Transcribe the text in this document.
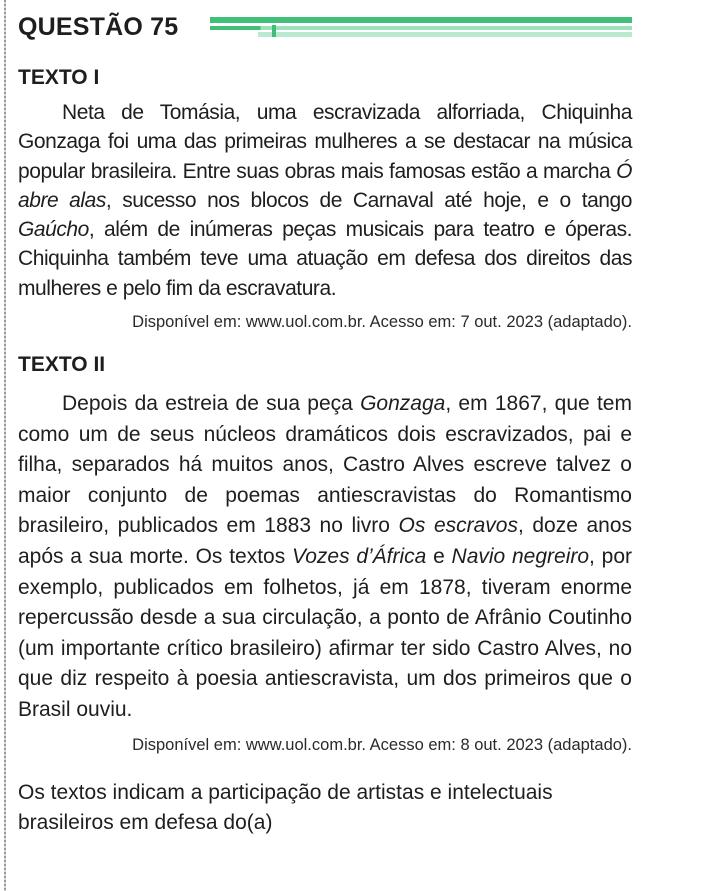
QUESTÃO 75
TEXTO I

Neta de Tomásia, uma escravizada alforriada, Chiquinha Gonzaga foi uma das primeiras mulheres a se destacar na música popular brasileira. Entre suas obras mais famosas estão a marcha Ó abre alas, sucesso nos blocos de Carnaval até hoje, e o tango Gaúcho, além de inúmeras peças musicais para teatro e óperas. Chiquinha também teve uma atuação em defesa dos direitos das mulheres e pelo fim da escravatura.

Disponível em: www.uol.com.br. Acesso em: 7 out. 2023 (adaptado).
TEXTO II

Depois da estreia de sua peça Gonzaga, em 1867, que tem como um de seus núcleos dramáticos dois escravizados, pai e filha, separados há muitos anos, Castro Alves escreve talvez o maior conjunto de poemas antiescravistas do Romantismo brasileiro, publicados em 1883 no livro Os escravos, doze anos após a sua morte. Os textos Vozes d’África e Navio negreiro, por exemplo, publicados em folhetos, já em 1878, tiveram enorme repercussão desde a sua circulação, a ponto de Afrânio Coutinho (um importante crítico brasileiro) afirmar ter sido Castro Alves, no que diz respeito à poesia antiescravista, um dos primeiros que o Brasil ouviu.

Disponível em: www.uol.com.br. Acesso em: 8 out. 2023 (adaptado).

Os textos indicam a participação de artistas e intelectuais brasileiros em defesa do(a)
